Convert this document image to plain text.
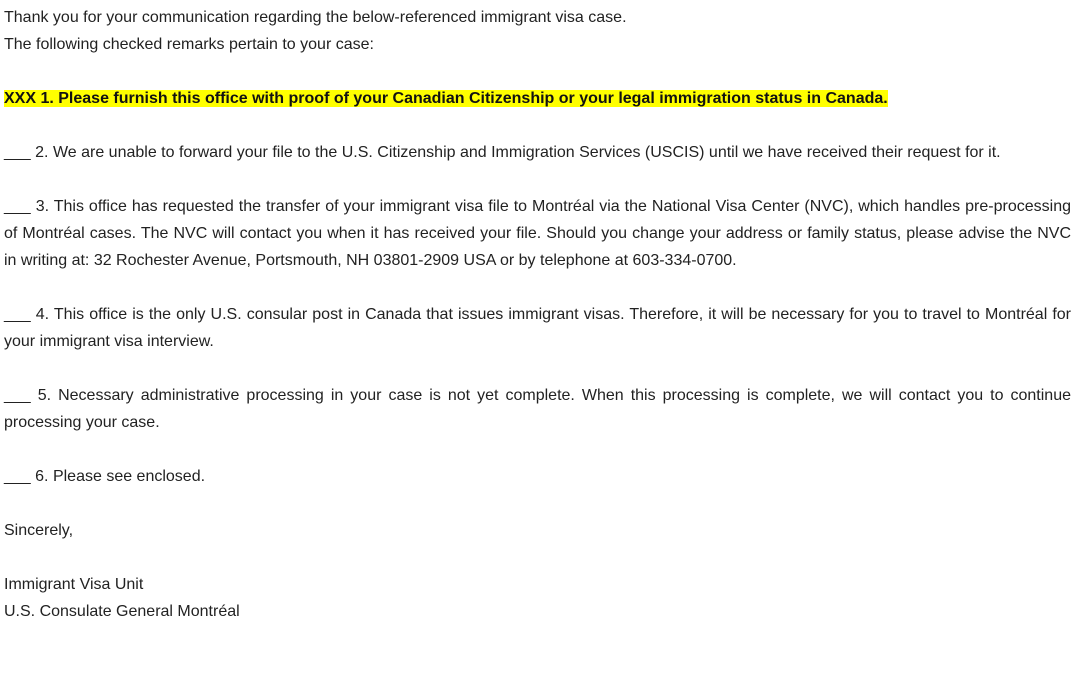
Thank you for your communication regarding the below-referenced immigrant visa case.

The following checked remarks pertain to your case:

XXX 1. Please furnish this office with proof of your Canadian Citizenship or your legal immigration status in Canada.

___ 2. We are unable to forward your file to the U.S. Citizenship and Immigration Services (USCIS) until we have received their request for it.

___ 3. This office has requested the transfer of your immigrant visa file to Montréal via the National Visa Center (NVC), which handles pre-processing of Montréal cases. The NVC will contact you when it has received your file. Should you change your address or family status, please advise the NVC in writing at: 32 Rochester Avenue, Portsmouth, NH 03801-2909 USA or by telephone at 603-334-0700.

___ 4. This office is the only U.S. consular post in Canada that issues immigrant visas. Therefore, it will be necessary for you to travel to Montréal for your immigrant visa interview.

___ 5. Necessary administrative processing in your case is not yet complete. When this processing is complete, we will contact you to continue processing your case.

___ 6. Please see enclosed.

Sincerely,

Immigrant Visa Unit

U.S. Consulate General Montréal
